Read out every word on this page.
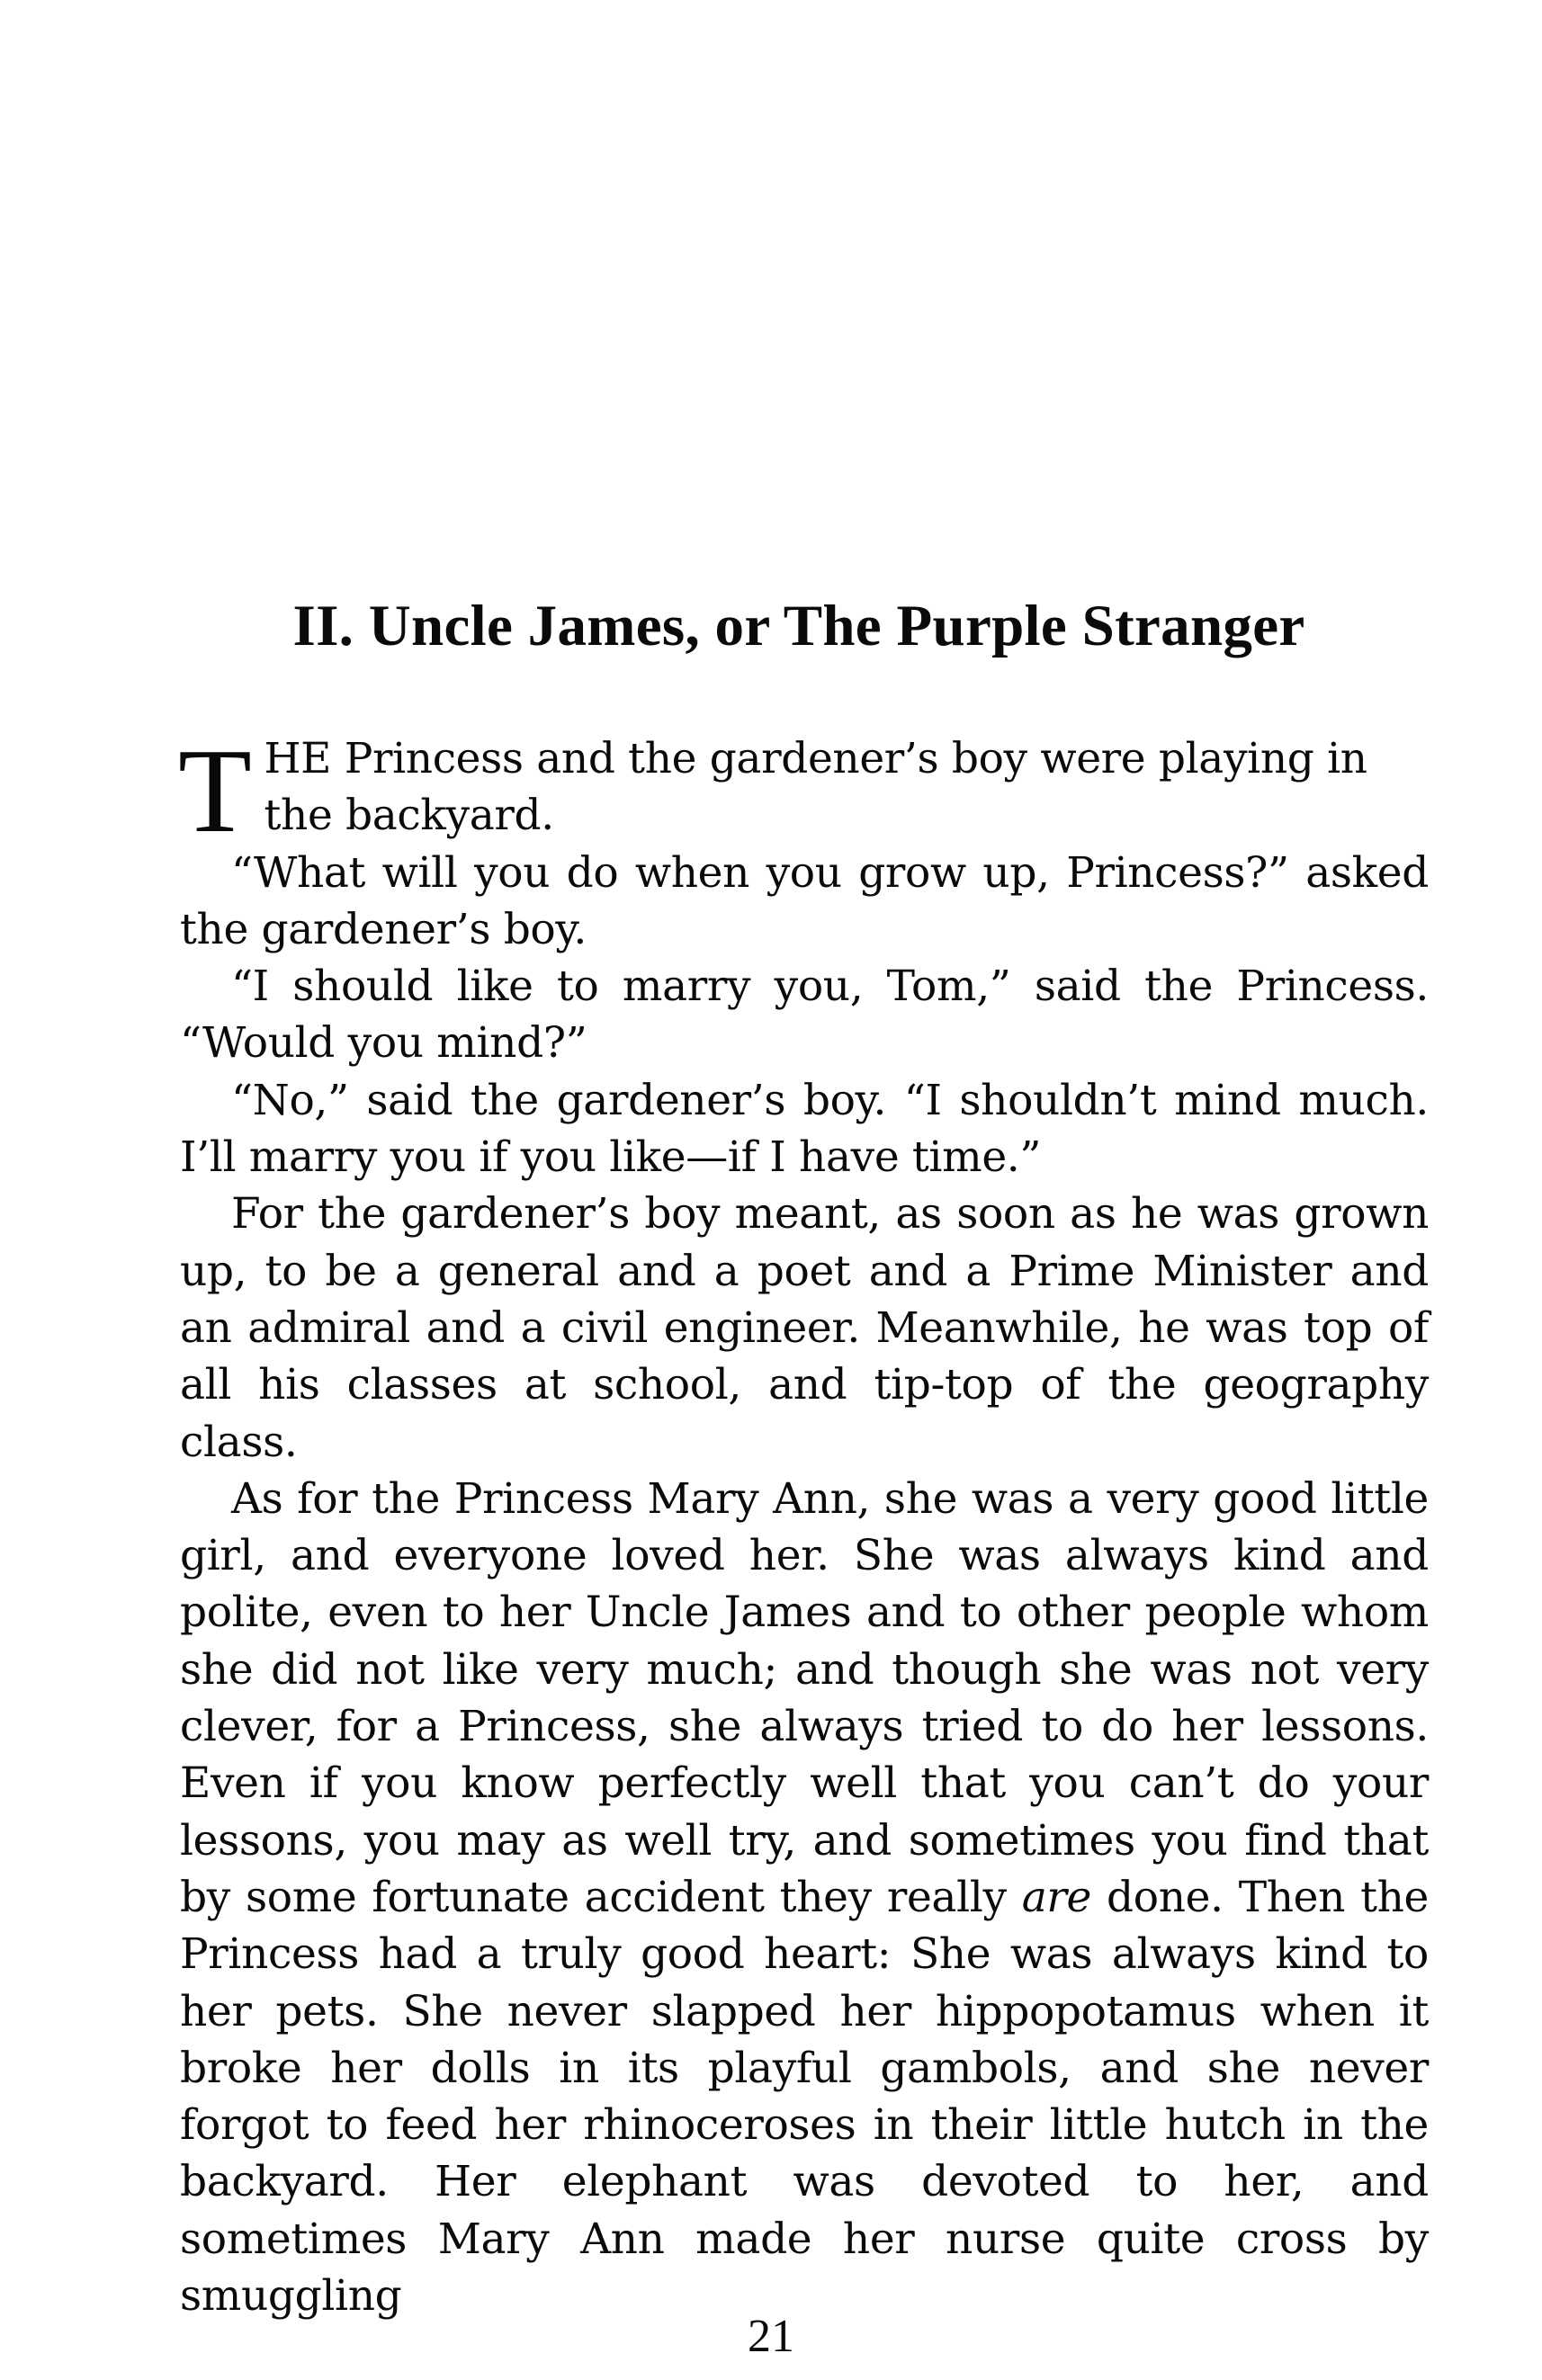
II. Uncle James, or The Purple Stranger

THE Princess and the gardener’s boy were playing in the backyard.

“What will you do when you grow up, Princess?” asked the gardener’s boy.

“I should like to marry you, Tom,” said the Princess. “Would you mind?”

“No,” said the gardener’s boy. “I shouldn’t mind much. I’ll marry you if you like—if I have time.”

For the gardener’s boy meant, as soon as he was grown up, to be a general and a poet and a Prime Minister and an admiral and a civil engineer. Meanwhile, he was top of all his classes at school, and tip-top of the geography class.

As for the Princess Mary Ann, she was a very good little girl, and everyone loved her. She was always kind and polite, even to her Uncle James and to other people whom she did not like very much; and though she was not very clever, for a Princess, she always tried to do her lessons. Even if you know perfectly well that you can’t do your lessons, you may as well try, and sometimes you find that by some fortunate accident they really are done. Then the Princess had a truly good heart: She was always kind to her pets. She never slapped her hippopotamus when it broke her dolls in its playful gambols, and she never forgot to feed her rhinoceroses in their little hutch in the backyard. Her elephant was devoted to her, and sometimes Mary Ann made her nurse quite cross by smuggling

21
